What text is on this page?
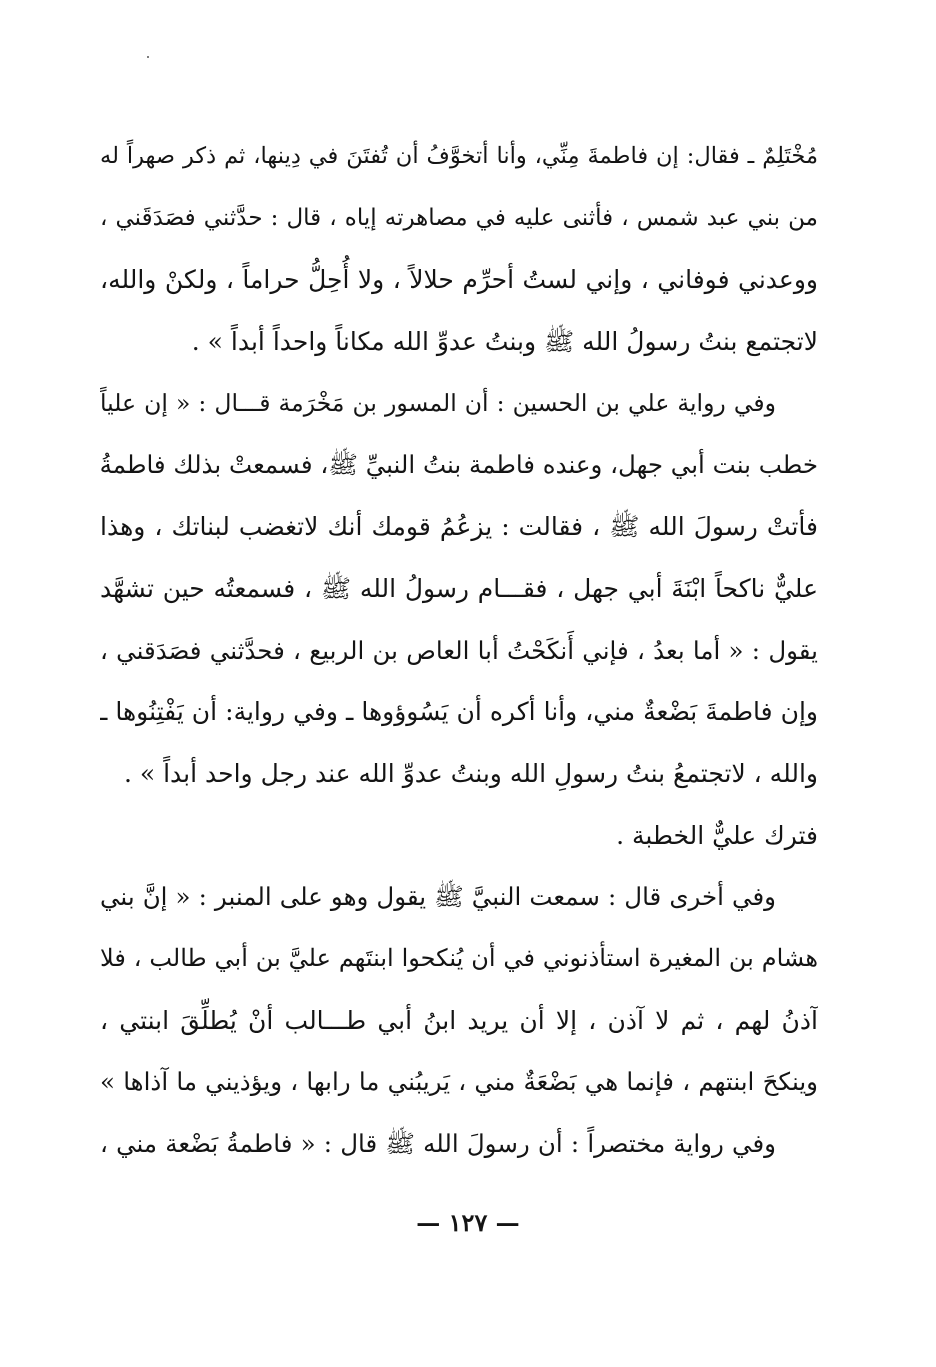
مُخْتَلِمٌ ـ فقال: إن فاطمةَ مِنِّي، وأنا أتخوَّفُ أن تُفتَنَ في دِينها، ثم ذكر صهراً له
من بني عبد شمس ، فأثنى عليه في مصاهرته إياه ، قال : حدَّثني فصَدَقَني ،
ووعدني فوفاني ، وإني لستُ أحرِّم حلالاً ، ولا أُحِلُّ حراماً ، ولكنْ والله،
لاتجتمع بنتُ رسولُ الله ﷺ وبنتُ عدوِّ الله مكاناً واحداً أبداً » .
وفي رواية علي بن الحسين : أن المسور بن مَخْرَمة قـــال : « إن علياً
خطب بنت أبي جهل، وعنده فاطمة بنتُ النبيِّ ﷺ، فسمعتْ بذلك فاطمةُ
فأتتْ رسولَ الله ﷺ ، فقالت : يزعُمُ قومك أنك لاتغضب لبناتك ، وهذا
عليٌّ ناكحاً ابْنَةَ أبي جهل ، فقـــام رسولُ الله ﷺ ، فسمعتُه حين تشهَّد
يقول : « أما بعدُ ، فإني أَنكَحْتُ أبا العاص بن الربيع ، فحدَّثني فصَدَقني ،
وإن فاطمةَ بَضْعةٌ مني، وأنا أكره أن يَسُوؤوها ـ وفي رواية: أن يَفْتِنُوها ـ
والله ، لاتجتمعُ بنتُ رسولِ الله وبنتُ عدوِّ الله عند رجل واحد أبداً » .
فترك عليٌّ الخطبة .
وفي أخرى قال : سمعت النبيَّ ﷺ يقول وهو على المنبر : « إنَّ بني
هشام بن المغيرة استأذنوني في أن يُنكحوا ابنتَهم عليَّ بن أبي طالب ، فلا
آذنُ لهم ، ثم لا آذن ، إلا أن يريد ابنُ أبي طـــالب أنْ يُطلِّقَ ابنتي ،
وينكحَ ابنتهم ، فإنما هي بَضْعَةٌ مني ، يَريبُني ما رابها ، ويؤذيني ما آذاها »
وفي رواية مختصراً : أن رسولَ الله ﷺ قال : « فاطمةُ بَضْعة مني ،
— ١٢٧ —
